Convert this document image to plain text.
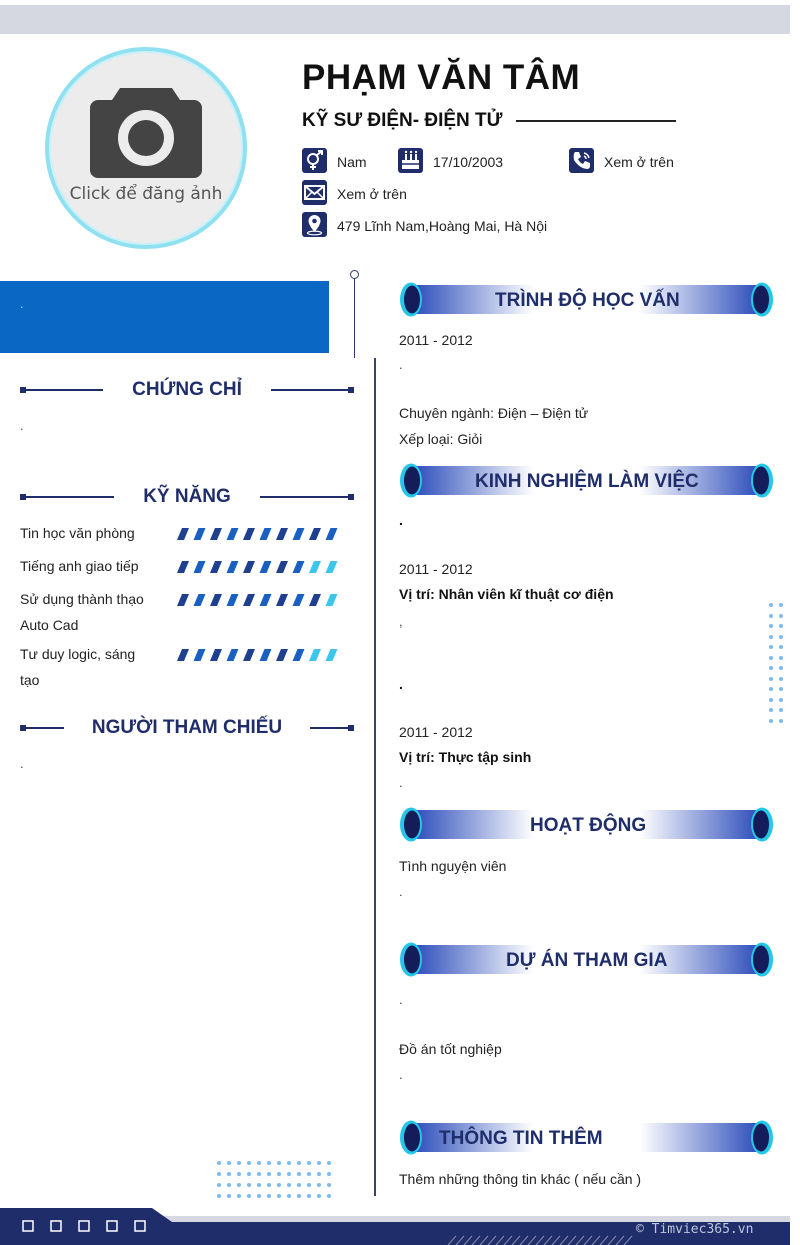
Click để đăng ảnh
PHẠM VĂN TÂM
KỸ SƯ ĐIỆN- ĐIỆN TỬ
Nam	17/10/2003	Xem ở trên
Xem ở trên
479 Lĩnh Nam,Hoàng Mai, Hà Nội
.
CHỨNG CHỈ
.
KỸ NĂNG
Tin học văn phòng
Tiếng anh giao tiếp
Sử dụng thành thạo
Auto Cad
Tư duy logic, sáng
tạo
NGƯỜI THAM CHIẾU
.
TRÌNH ĐỘ HỌC VẤN
2011 - 2012
.
Chuyên ngành: Điện – Điện tử
Xếp loại: Giỏi
KINH NGHIỆM LÀM VIỆC
.
2011 - 2012
Vị trí: Nhân viên kĩ thuật cơ điện
,
.
2011 - 2012
Vị trí: Thực tập sinh
.
HOẠT ĐỘNG
Tình nguyện viên
.
DỰ ÁN THAM GIA
.
Đồ án tốt nghiệp
.
THÔNG TIN THÊM
Thêm những thông tin khác ( nếu cần )
© Timviec365.vn
